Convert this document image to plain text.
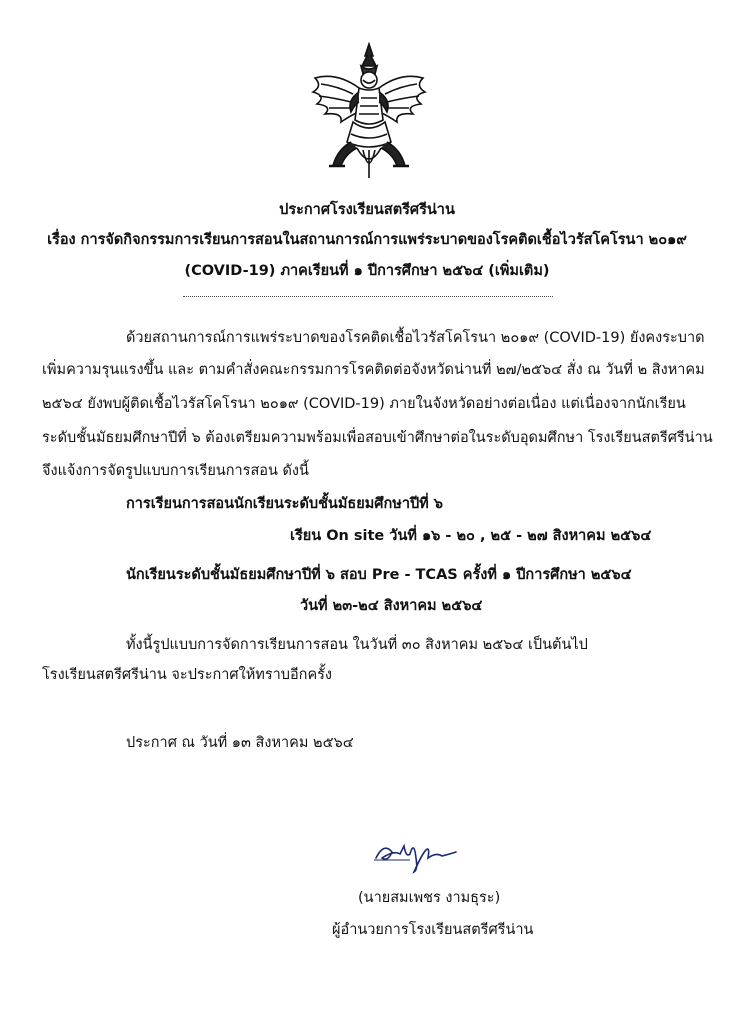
ประกาศโรงเรียนสตรีศรีน่าน
เรื่อง การจัดกิจกรรมการเรียนการสอนในสถานการณ์การแพร่ระบาดของโรคติดเชื้อไวรัสโคโรนา ๒๐๑๙
(COVID-19) ภาคเรียนที่ ๑ ปีการศึกษา ๒๕๖๔ (เพิ่มเติม)
ด้วยสถานการณ์การแพร่ระบาดของโรคติดเชื้อไวรัสโคโรนา ๒๐๑๙ (COVID-19) ยังคงระบาด
เพิ่มความรุนแรงขึ้น และ ตามคำสั่งคณะกรรมการโรคติดต่อจังหวัดน่านที่ ๒๗/๒๕๖๔ สั่ง ณ วันที่ ๒ สิงหาคม
๒๕๖๔ ยังพบผู้ติดเชื้อไวรัสโคโรนา ๒๐๑๙ (COVID-19) ภายในจังหวัดอย่างต่อเนื่อง แต่เนื่องจากนักเรียน
ระดับชั้นมัธยมศึกษาปีที่ ๖ ต้องเตรียมความพร้อมเพื่อสอบเข้าศึกษาต่อในระดับอุดมศึกษา โรงเรียนสตรีศรีน่าน
จึงแจ้งการจัดรูปแบบการเรียนการสอน ดังนี้
การเรียนการสอนนักเรียนระดับชั้นมัธยมศึกษาปีที่ ๖
เรียน On site วันที่ ๑๖ - ๒๐ , ๒๕ - ๒๗ สิงหาคม ๒๕๖๔
นักเรียนระดับชั้นมัธยมศึกษาปีที่ ๖ สอบ Pre - TCAS ครั้งที่ ๑ ปีการศึกษา ๒๕๖๔
วันที่ ๒๓-๒๔ สิงหาคม ๒๕๖๔
ทั้งนี้รูปแบบการจัดการเรียนการสอน ในวันที่ ๓๐ สิงหาคม ๒๕๖๔ เป็นต้นไป
โรงเรียนสตรีศรีน่าน จะประกาศให้ทราบอีกครั้ง
ประกาศ ณ วันที่ ๑๓ สิงหาคม ๒๕๖๔
(นายสมเพชร งามธุระ)
ผู้อำนวยการโรงเรียนสตรีศรีน่าน
